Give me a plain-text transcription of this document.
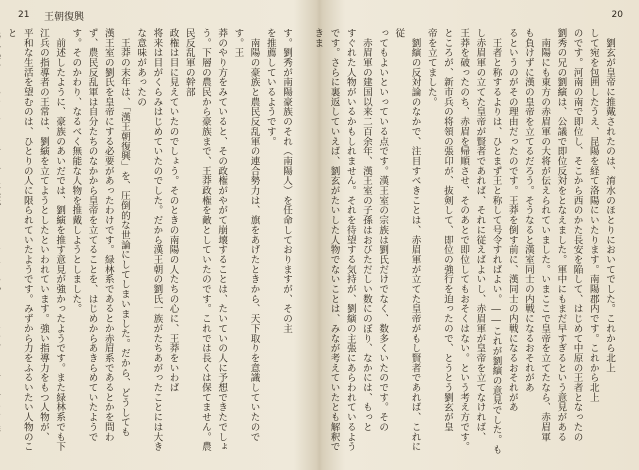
21 王朝復興
す。劉秀が南陽豪族のそれ（南陽人）を任命しておりますが、その主
を推薦しているようです。
　南陽の豪族と農民反乱軍の連合勢力は、旗をあげたときから、天下取りを意識していたのです。王
莽のやり方をみていると、その政権がやがて崩壊することは、たいていの人に予想できたでしょ
う。下層の農民から豪族まで、王莽政権を敵としていたのです。これでは長くは保てません。農民反乱軍の幹部
政権は目に見えていたのでしょう。そのときの南陽の人たちの心に、王莽をいわば
将来は目がくらみはじめていたのでした。だから漢王朝の劉氏一族がたちあがったことには大きな意味があったの
　王莽の末年は、「漢王朝復興」を、圧倒的な世論にしてしまいました。だから、どうしても
漢王室の劉氏を皇帝にする必要があったわけです。緑林系であるとか赤眉系であるとかを問わ
ず、農民反乱軍は自分たちのなかから皇帝を立てることを、はじめからあきらめていたようで
す。そのかわり、なるべく無能な人物を推戴しようとしました。
　前述したように、豪族のあいだでは、劉縯を推す意見が強かったようです。また緑林系でも下
江兵の指導者の王常は、劉縯を立てようとしたといわれています。強い指導力をもつ人物が、
平和な生活を望むのは、ひとりの人に限られていたようです。みずから力をふるいたい人物のこと
20
　劉玄が皇帝に推戴されたのは、淯水のほとりにおいてでした。これから北上
して宛を包囲したうえ、昆陽を経て洛陽にいたります。南陽郡内です。これから北上
のです。河南の南で即位し、そこから西のかた長安を陥して、はじめて中原の王者となったの
劉秀の兄の劉縯は、公議で即位反対をとなえました。軍中にもまだ早すぎるという意見がある
　南陽にも東方の赤眉軍の大将が伝えられていました。いまここで皇帝を立てたなら、赤眉軍
も負けずに漢の皇帝を立てるだろう。そうなると漢室同士の内戦になるおそれがあ
るというのがその理由だったのです。王莽を倒す前に、漢同士の内戦になるおそれがあ
　王者と称するよりは、ひとまず王と称して号令すればよい。――これが劉縯の意見でした。も
し赤眉軍の立てた皇帝が賢者であれば、それに従えばよいし、赤眉軍が皇帝を立てなければ、
王莽を破ったのち、赤眉を帰順させ、そのあとで即位してもおそくはない。という考え方です。
ところが、新市兵の将領の張卬が、抜剣して、即位の強行を迫ったので、とうとう劉玄が皇
帝を立てました。
　劉縯の反対論のなかで、注目すべきことは、赤眉軍が立てた皇帝がもし賢者であれば、これに従
ってもよいといっている点です。漢王室の宗族は劉氏だけでなく、数多くいたのです。その
　赤眉軍の建国以来二百余年、漢王室の子孫はおびただしい数にのぼり、なかには、もっと
すぐれた人物がいるかもしれません。それを待望する気持が、劉縯の主張にあらわれているよう
です。さらに裏返していえば、劉玄がたいした人物でないことは、みなが考えていたとも解釈できま
